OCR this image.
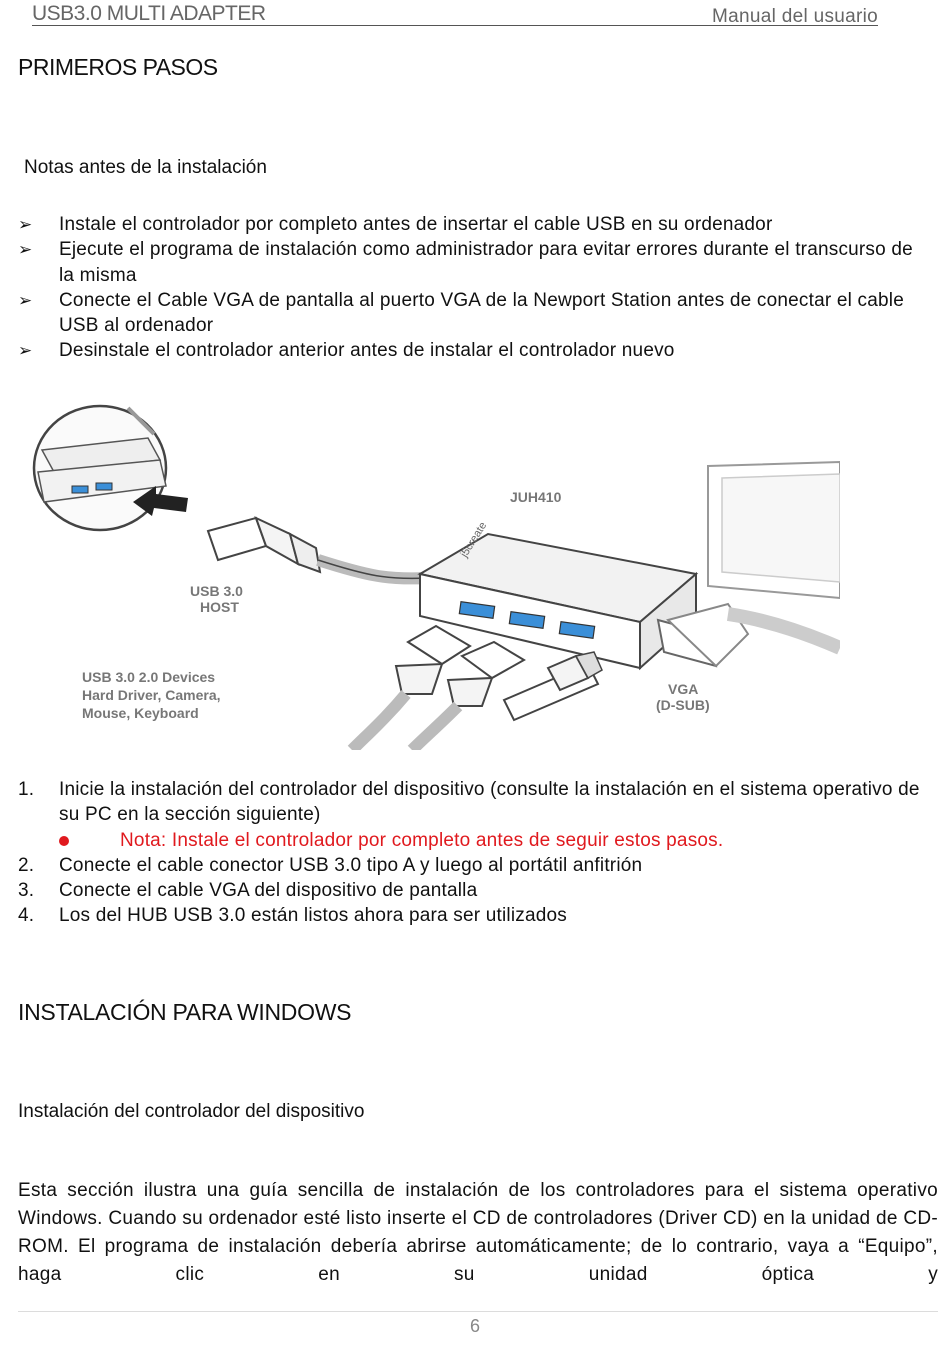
USB3.0 MULTI ADAPTER	Manual del usuario
PRIMEROS PASOS
Notas antes de la instalación
➢ Instale el controlador por completo antes de insertar el cable USB en su ordenador
➢ Ejecute el programa de instalación como administrador para evitar errores durante el transcurso de la misma
➢ Conecte el Cable VGA de pantalla al puerto VGA de la Newport Station antes de conectar el cable USB al ordenador
➢ Desinstale el controlador anterior antes de instalar el controlador nuevo
j5create
JUH410
USB 3.0
HOST
USB 3.0 2.0 Devices
Hard Driver, Camera,
Mouse, Keyboard
VGA
(D-SUB)
1. Inicie la instalación del controlador del dispositivo (consulte la instalación en el sistema operativo de su PC en la sección siguiente)
Nota: Instale el controlador por completo antes de seguir estos pasos.
2. Conecte el cable conector USB 3.0 tipo A y luego al portátil anfitrión
3. Conecte el cable VGA del dispositivo de pantalla
4. Los del HUB USB 3.0 están listos ahora para ser utilizados
INSTALACIÓN PARA WINDOWS
Instalación del controlador del dispositivo
Esta sección ilustra una guía sencilla de instalación de los controladores para el sistema operativo Windows. Cuando su ordenador esté listo inserte el CD de controladores (Driver CD) en la unidad de CD-ROM. El programa de instalación debería abrirse automáticamente; de lo contrario, vaya a “Equipo”, haga clic en su unidad óptica y
6
